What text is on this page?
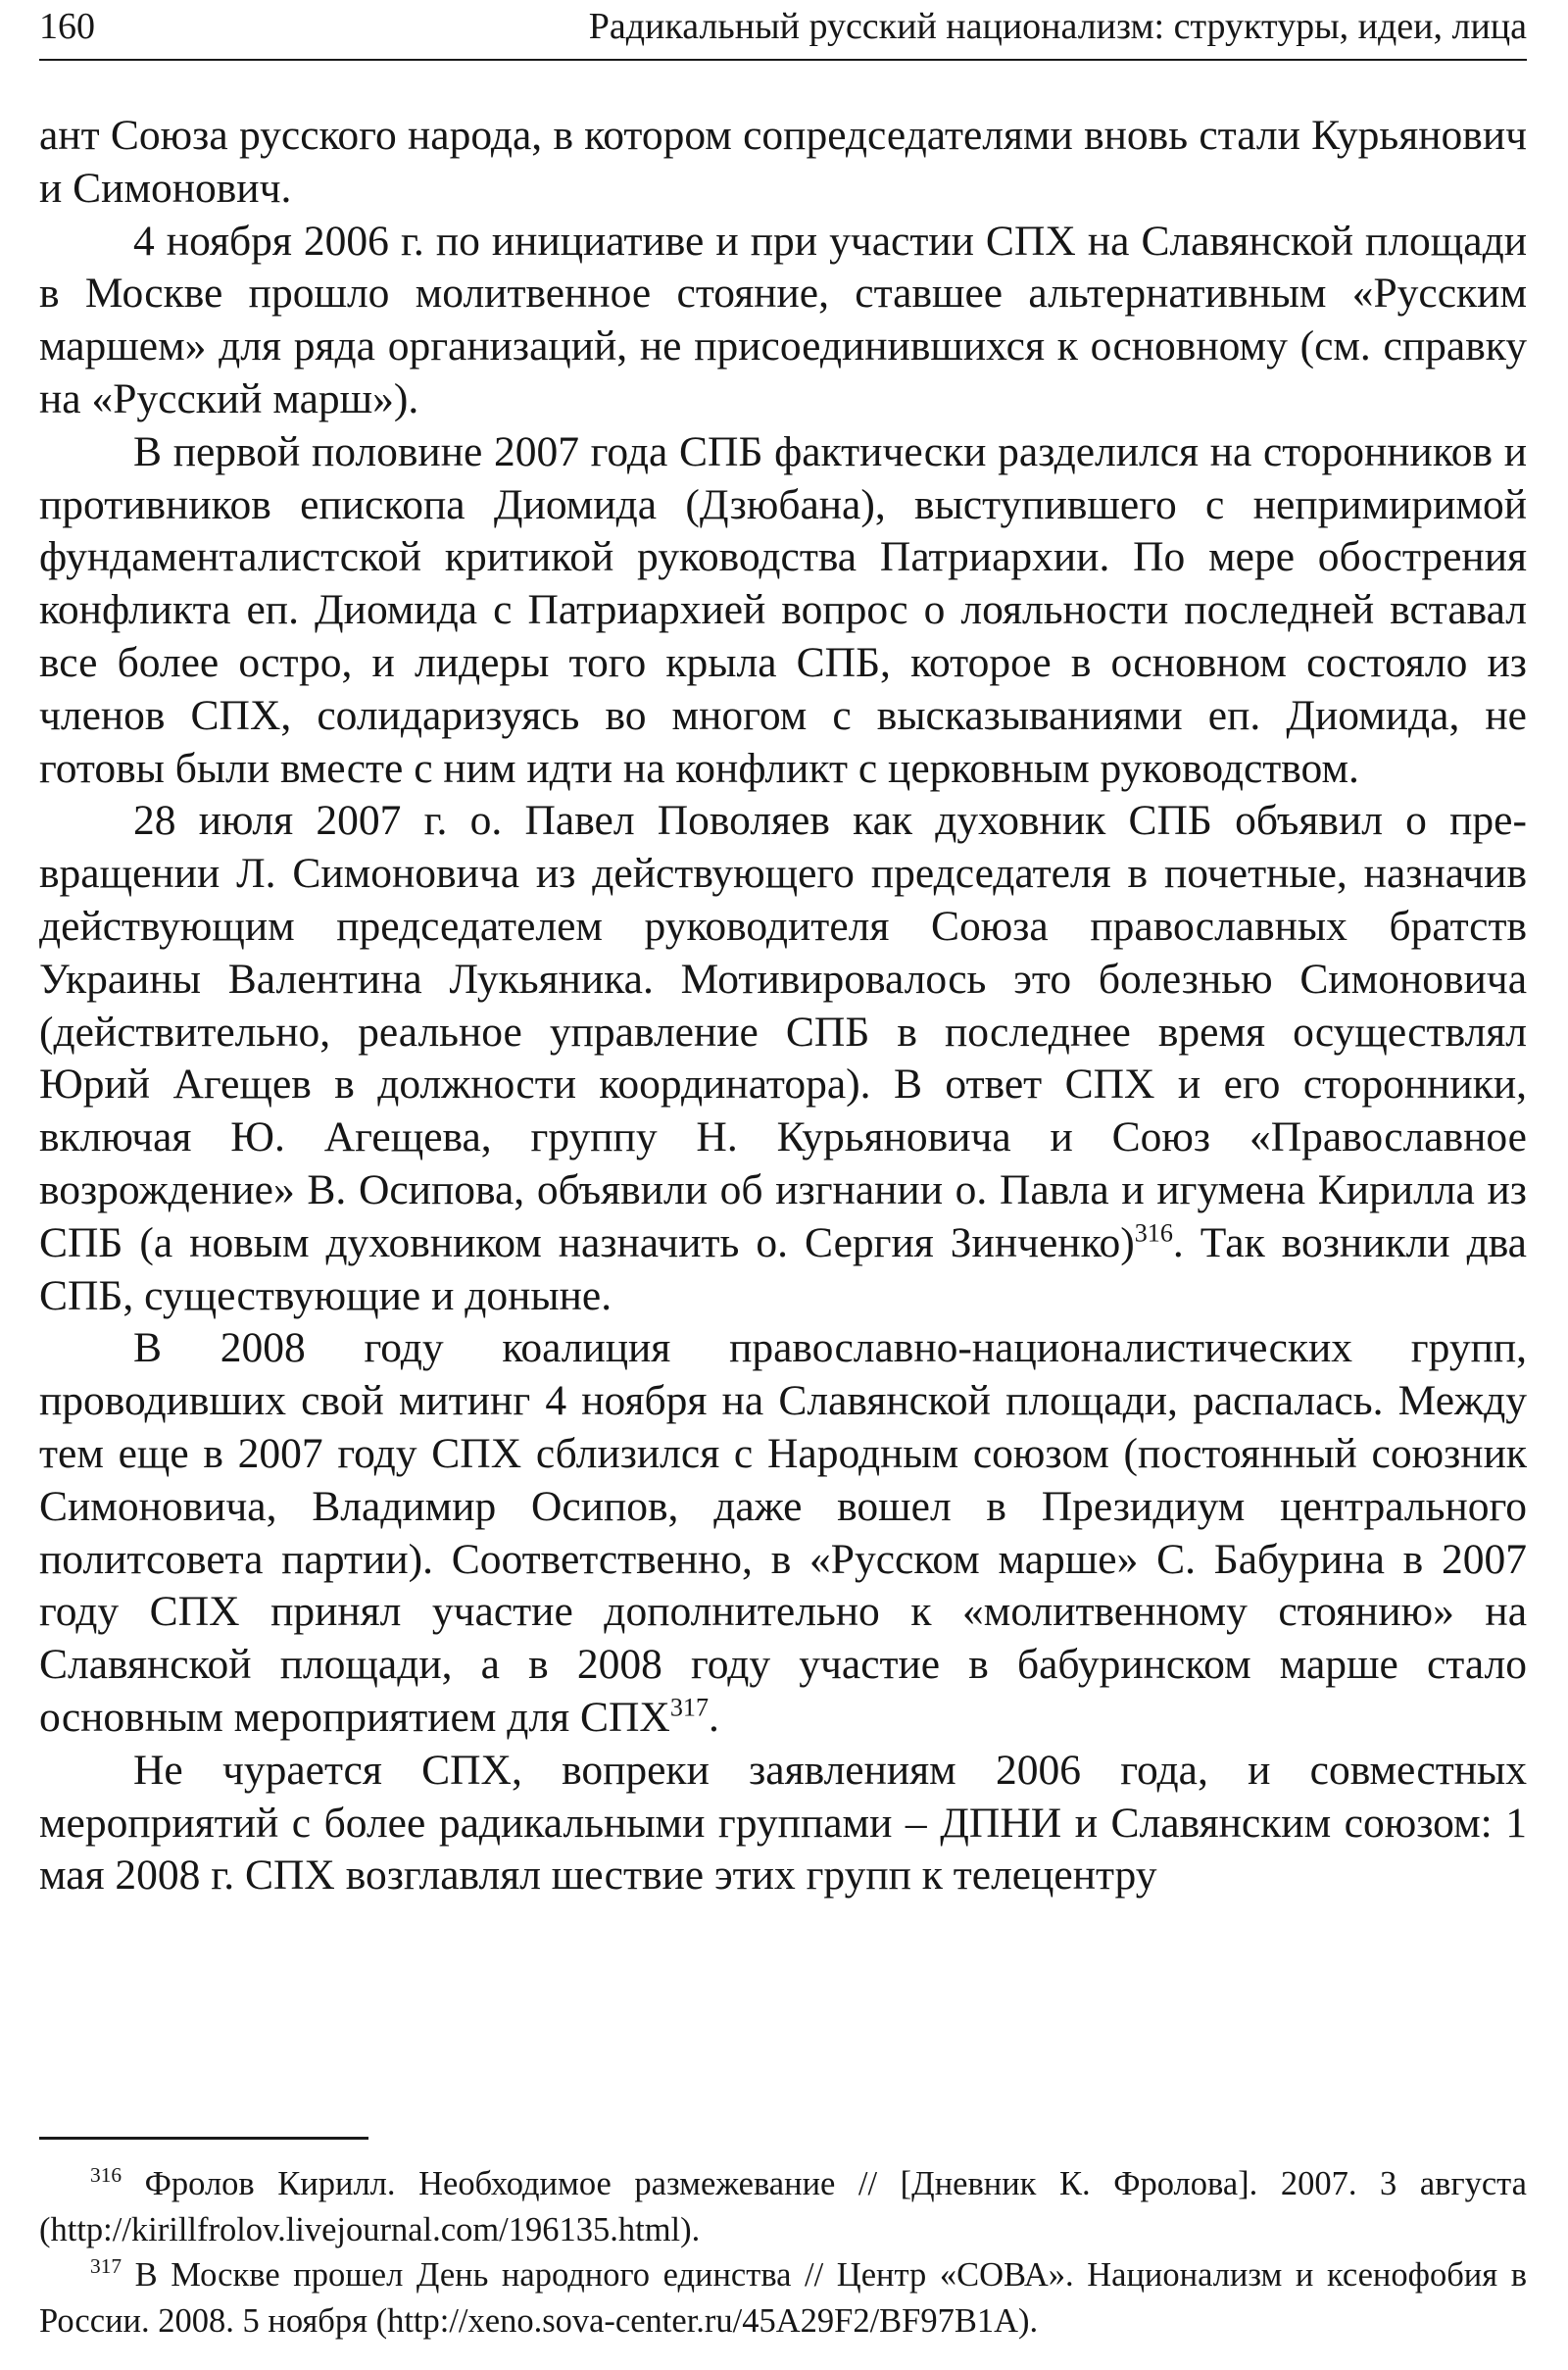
160	Радикальный русский национализм: структуры, идеи, лица

ант Союза русского народа, в котором сопредседателями вновь стали Курьянович и Симонович.

4 ноября 2006 г. по инициативе и при участии СПХ на Славянской площади в Москве прошло молитвенное стояние, ставшее альтернативным «Русским маршем» для ряда организаций, не присоединившихся к основному (см. справку на «Русский марш»).

В первой половине 2007 года СПБ фактически разделился на сторонников и противников епископа Диомида (Дзюбана), выступившего с непримиримой фундаменталистской критикой руководства Патриархии. По мере обострения конфликта еп. Диомида с Патриархией вопрос о лояльности последней вставал все более остро, и лидеры того крыла СПБ, которое в основном состояло из членов СПХ, солидаризуясь во многом с высказываниями еп. Диомида, не готовы были вместе с ним идти на конфликт с церковным руководством.

28 июля 2007 г. о. Павел Поволяев как духовник СПБ объявил о превращении Л. Симоновича из действующего председателя в почетные, назначив действующим председателем руководителя Союза православных братств Украины Валентина Лукьяника. Мотивировалось это болезнью Симоновича (действительно, реальное управление СПБ в последнее время осуществлял Юрий Агещев в должности координатора). В ответ СПХ и его сторонники, включая Ю. Агещева, группу Н. Курьяновича и Союз «Православное возрождение» В. Осипова, объявили об изгнании о. Павла и игумена Кирилла из СПБ (а новым духовником назначить о. Сергия Зинченко)$^{316}$. Так возникли два СПБ, существующие и доныне.

В 2008 году коалиция православно-националистических групп, проводивших свой митинг 4 ноября на Славянской площади, распалась. Между тем еще в 2007 году СПХ сблизился с Народным союзом (постоянный союзник Симоновича, Владимир Осипов, даже вошел в Президиум центрального политсовета партии). Соответственно, в «Русском марше» С. Бабурина в 2007 году СПХ принял участие дополнительно к «молитвенному стоянию» на Славянской площади, а в 2008 году участие в бабуринском марше стало основным мероприятием для СПХ$^{317}$.

Не чурается СПХ, вопреки заявлениям 2006 года, и совместных мероприятий с более радикальными группами – ДПНИ и Славянским союзом: 1 мая 2008 г. СПХ возглавлял шествие этих групп к телецентру

$^{316}$ Фролов Кирилл. Необходимое размежевание // [Дневник К. Фролова]. 2007. 3 августа (http://kirillfrolov.livejournal.com/196135.html).

$^{317}$ В Москве прошел День народного единства // Центр «СОВА». Национализм и ксенофобия в России. 2008. 5 ноября (http://xeno.sova-center.ru/45A29F2/BF97B1A).
